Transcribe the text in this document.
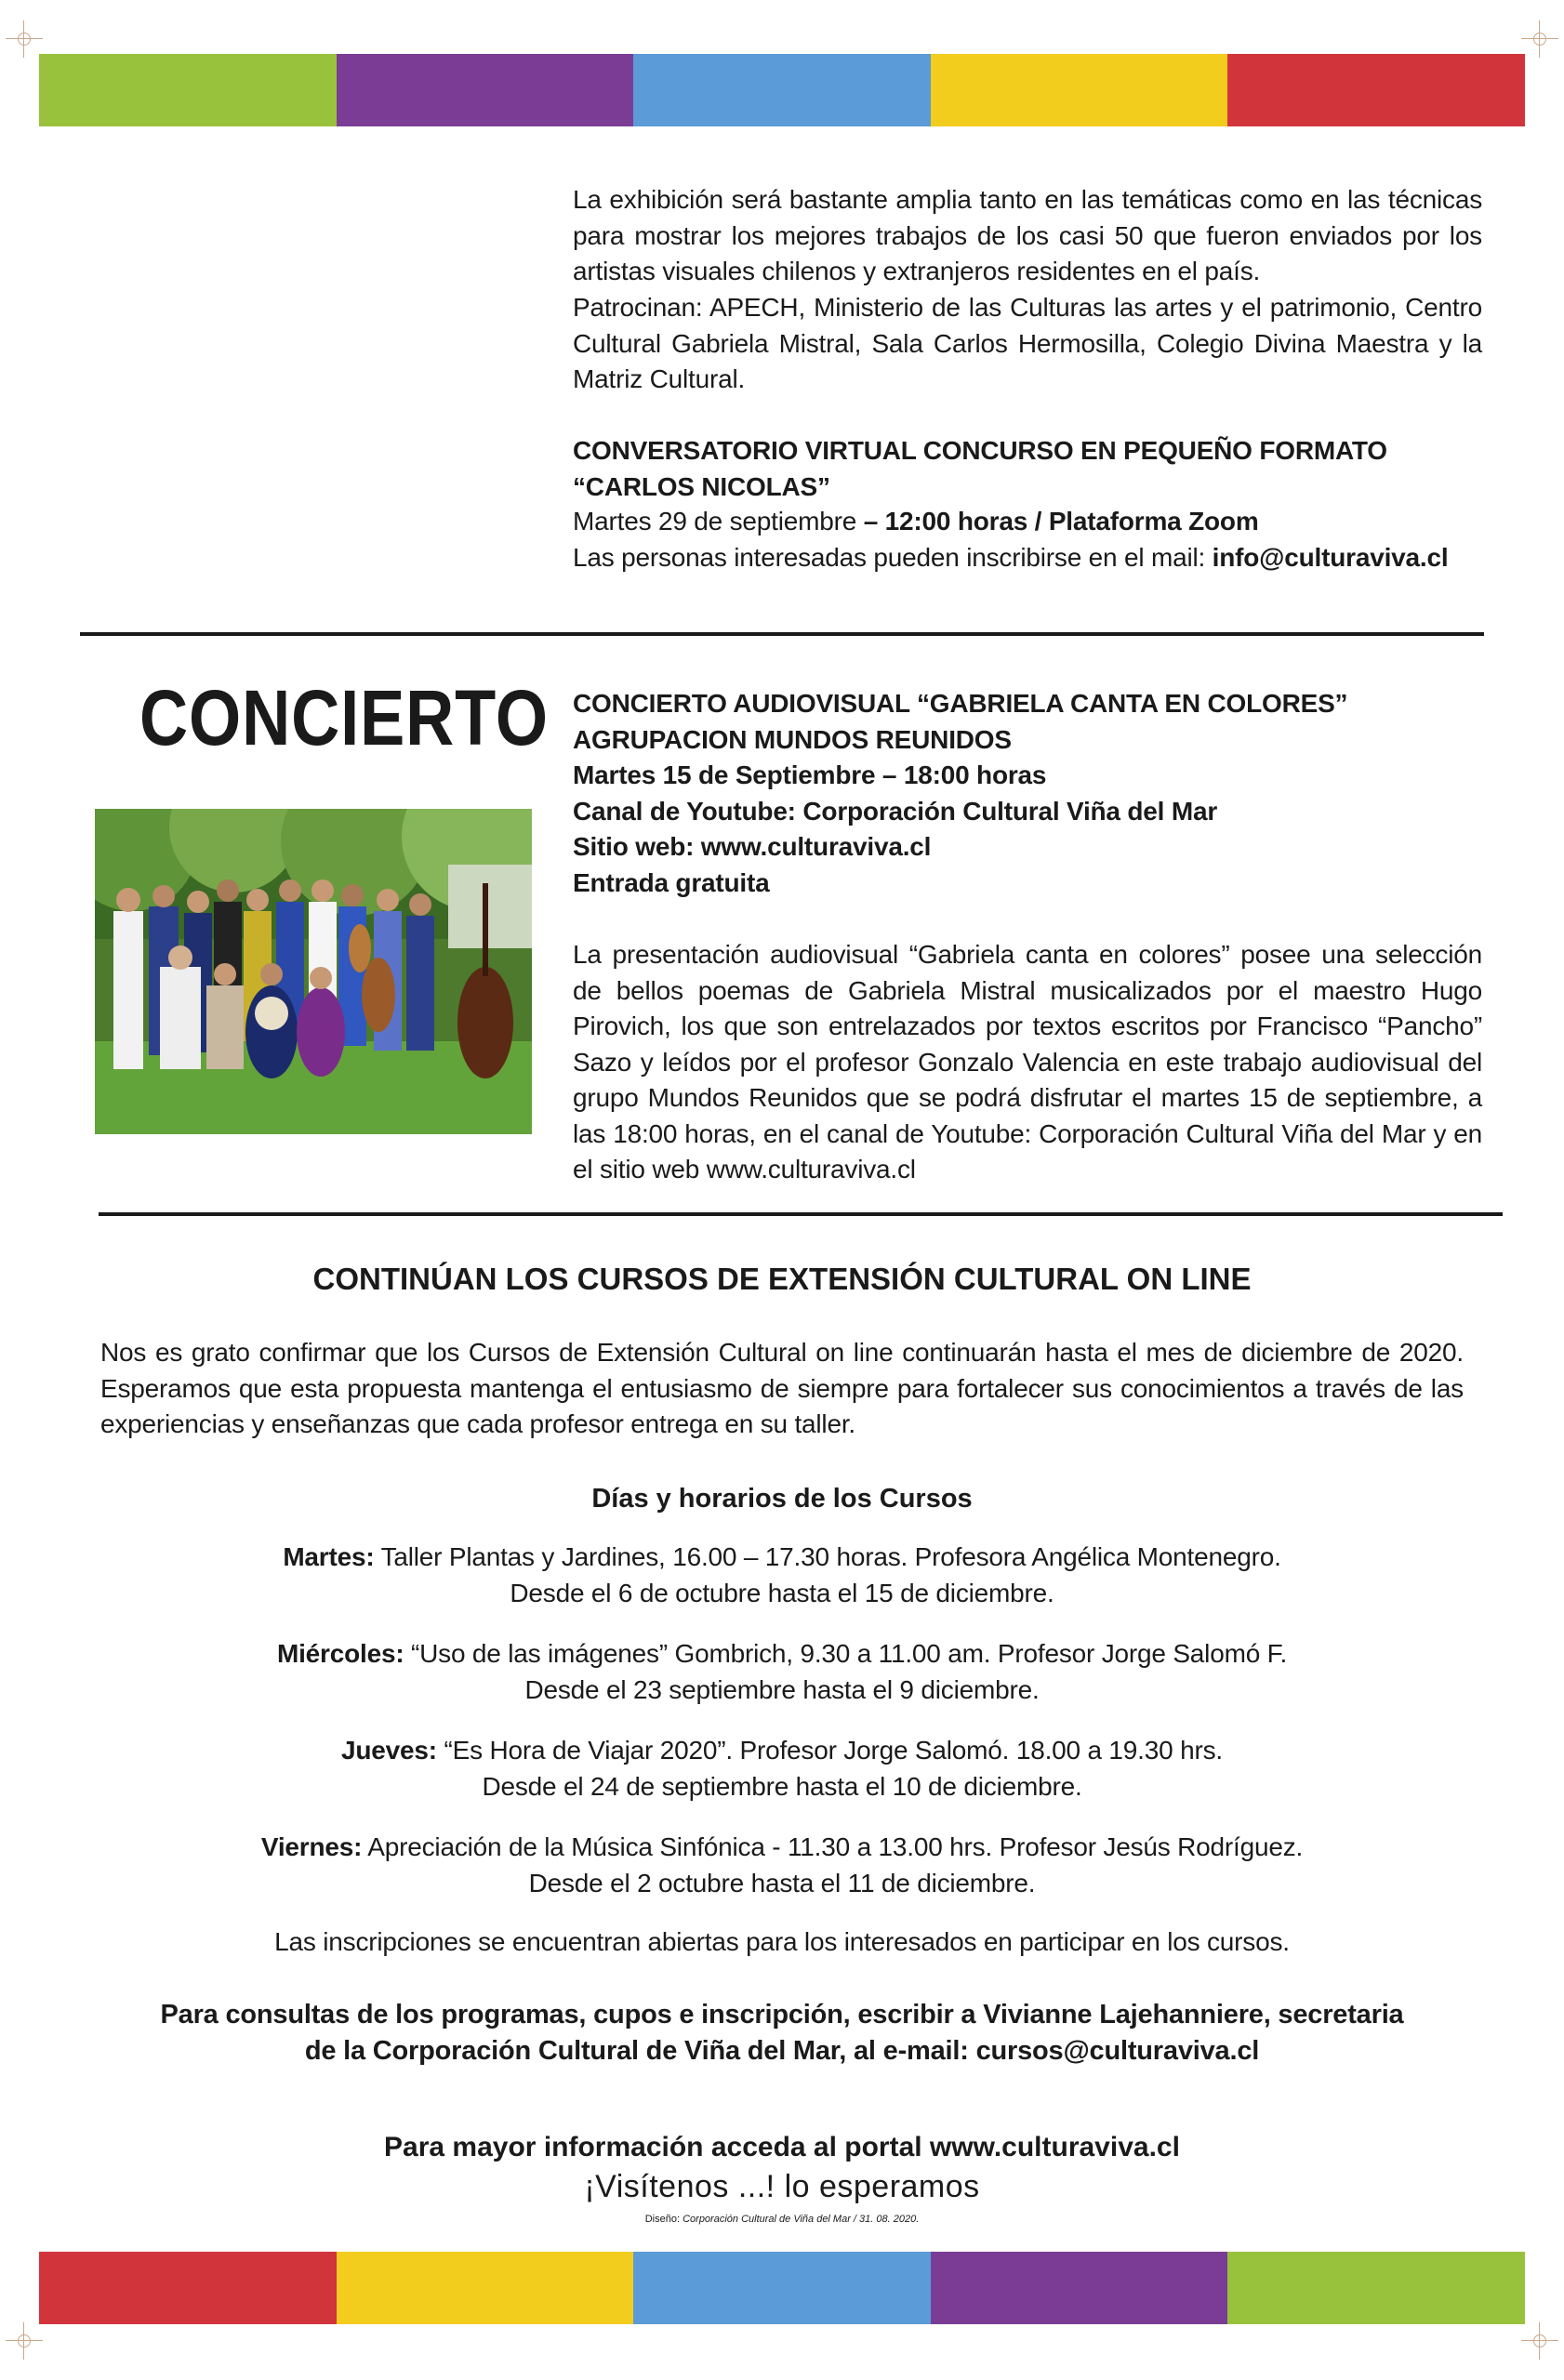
La exhibición será bastante amplia tanto en las temáticas como en las técnicas para mostrar los mejores trabajos de los casi 50 que fueron enviados por los artistas visuales chilenos y extranjeros residentes en el país.
Patrocinan: APECH, Ministerio de las Culturas las artes y el patrimonio, Centro Cultural Gabriela Mistral, Sala Carlos Hermosilla, Colegio Divina Maestra y la Matriz Cultural.
CONVERSATORIO VIRTUAL CONCURSO EN PEQUEÑO FORMATO
“CARLOS NICOLAS”
Martes 29 de septiembre – 12:00 horas / Plataforma Zoom
Las personas interesadas pueden inscribirse en el mail: info@culturaviva.cl
CONCIERTO CONCIERTO AUDIOVISUAL “GABRIELA CANTA EN COLORES”
AGRUPACION MUNDOS REUNIDOS
Martes 15 de Septiembre – 18:00 horas
Canal de Youtube: Corporación Cultural Viña del Mar
Sitio web: www.culturaviva.cl
Entrada gratuita
La presentación audiovisual “Gabriela canta en colores” posee una selección de bellos poemas de Gabriela Mistral musicalizados por el maestro Hugo Pirovich, los que son entrelazados por textos escritos por Francisco “Pancho” Sazo y leídos por el profesor Gonzalo Valencia en este trabajo audiovisual del grupo Mundos Reunidos que se podrá disfrutar el martes 15 de septiembre, a las 18:00 horas, en el canal de Youtube: Corporación Cultural Viña del Mar y en el sitio web www.culturaviva.cl
CONTINÚAN LOS CURSOS DE EXTENSIÓN CULTURAL ON LINE
Nos es grato confirmar que los Cursos de Extensión Cultural on line continuarán hasta el mes de diciembre de 2020. Esperamos que esta propuesta mantenga el entusiasmo de siempre para fortalecer sus conocimientos a través de las experiencias y enseñanzas que cada profesor entrega en su taller.
Días y horarios de los Cursos
Martes: Taller Plantas y Jardines, 16.00 – 17.30 horas. Profesora Angélica Montenegro.
Desde el 6 de octubre hasta el 15 de diciembre.
Miércoles: “Uso de las imágenes” Gombrich, 9.30 a 11.00 am. Profesor Jorge Salomó F.
Desde el 23 septiembre hasta el 9 diciembre.
Jueves: “Es Hora de Viajar 2020”. Profesor Jorge Salomó. 18.00 a 19.30 hrs.
Desde el 24 de septiembre hasta el 10 de diciembre.
Viernes: Apreciación de la Música Sinfónica - 11.30 a 13.00 hrs. Profesor Jesús Rodríguez.
Desde el 2 octubre hasta el 11 de diciembre.
Las inscripciones se encuentran abiertas para los interesados en participar en los cursos.
Para consultas de los programas, cupos e inscripción, escribir a Vivianne Lajehanniere, secretaria
de la Corporación Cultural de Viña del Mar, al e-mail: cursos@culturaviva.cl
Para mayor información acceda al portal www.culturaviva.cl
¡Visítenos ...! lo esperamos
Diseño: Corporación Cultural de Viña del Mar / 31. 08. 2020.
